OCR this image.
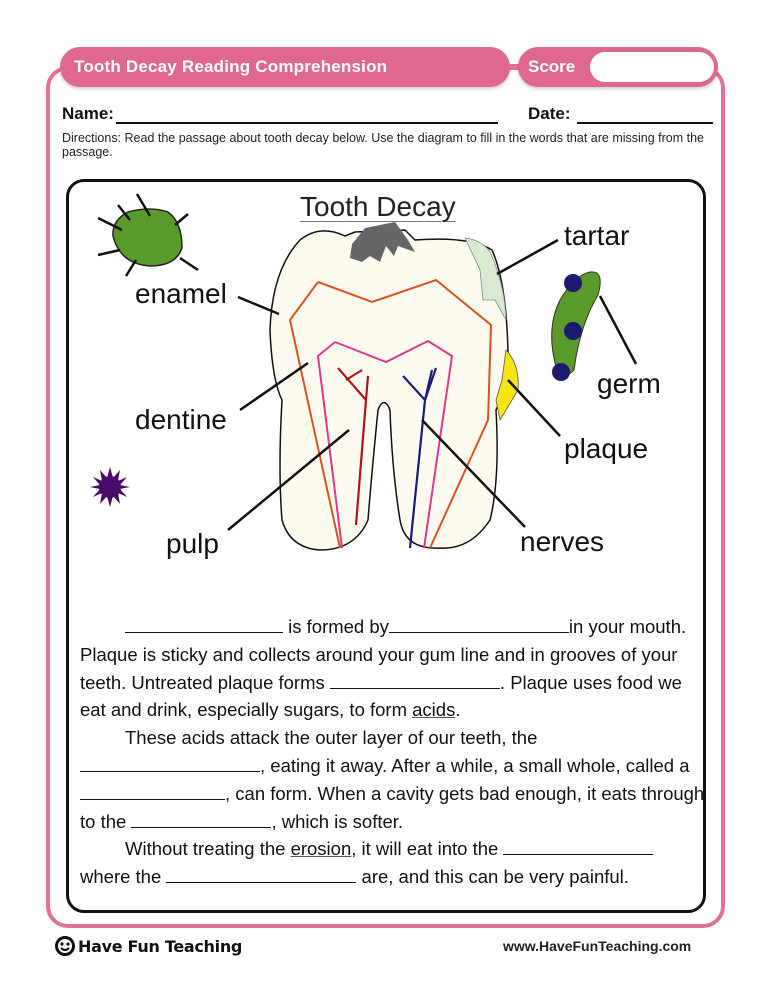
Tooth Decay Reading Comprehension	Score
Name:	Date:
Directions: Read the passage about tooth decay below. Use the diagram to fill in the words that are missing from the passage.
Tooth Decay
enamel
dentine
pulp
tartar
germ
plaque
nerves

is formed by	in your mouth. Plaque is sticky and collects around your gum line and in grooves of your teeth. Untreated plaque forms	. Plaque uses food we eat and drink, especially sugars, to form acids.

These acids attack the outer layer of our teeth, the, eating it away. After a while, a small whole, called a , can form. When a cavity gets bad enough, it eats through to the	, which is softer.

Without treating the erosion, it will eat into the  where the	are, and this can be very painful.

Have Fun Teaching	www.HaveFunTeaching.com
